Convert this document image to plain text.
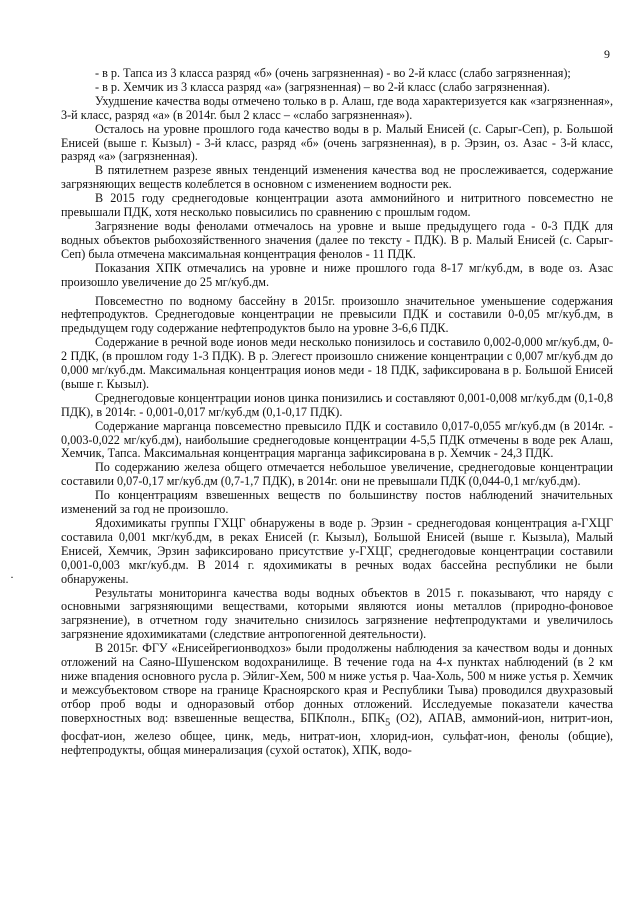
9
·

- в р. Тапса из 3 класса разряд «б» (очень загрязненная) - во 2-й класс (слабо загрязненная);

- в р. Хемчик из 3 класса разряд «а» (загрязненная) – во 2-й класс (слабо загрязненная).

Ухудшение качества воды отмечено только в р. Алаш, где вода характеризуется как «загрязненная», 3-й класс, разряд «а» (в 2014г. был 2 класс – «слабо загрязненная»).

Осталось на уровне прошлого года качество воды в р. Малый Енисей (с. Сарыг-Сеп), р. Большой Енисей (выше г. Кызыл) - 3-й класс, разряд «б» (очень загрязненная), в р. Эрзин, оз. Азас - 3-й класс, разряд «а» (загрязненная).

В пятилетнем разрезе явных тенденций изменения качества вод не прослеживается, содержание загрязняющих веществ колеблется в основном с изменением водности рек.

В 2015 году среднегодовые концентрации азота аммонийного и нитритного повсеместно не превышали ПДК, хотя несколько повысились по сравнению с прошлым годом.

Загрязнение воды фенолами отмечалось на уровне и выше предыдущего года - 0-3 ПДК для водных объектов рыбохозяйственного значения (далее по тексту - ПДК). В р. Малый Енисей (с. Сарыг-Сеп) была отмечена максимальная концентрация фенолов - 11 ПДК.

Показания ХПК отмечались на уровне и ниже прошлого года 8-17 мг/куб.дм, в воде оз. Азас произошло увеличение до 25 мг/куб.дм.

Повсеместно по водному бассейну в 2015г. произошло значительное уменьшение содержания нефтепродуктов. Среднегодовые концентрации не превысили ПДК и составили 0-0,05 мг/куб.дм, в предыдущем году содержание нефтепродуктов было на уровне 3-6,6 ПДК.

Содержание в речной воде ионов меди несколько понизилось и составило 0,002-0,000 мг/куб.дм, 0-2 ПДК, (в прошлом году 1-3 ПДК). В р. Элегест произошло снижение концентрации с 0,007 мг/куб.дм до 0,000 мг/куб.дм. Максимальная концентрация ионов меди - 18 ПДК, зафиксирована в р. Большой Енисей (выше г. Кызыл).

Среднегодовые концентрации ионов цинка понизились и составляют 0,001-0,008 мг/куб.дм (0,1-0,8 ПДК), в 2014г. - 0,001-0,017 мг/куб.дм (0,1-0,17 ПДК).

Содержание марганца повсеместно превысило ПДК и составило 0,017-0,055 мг/куб.дм (в 2014г. - 0,003-0,022 мг/куб.дм), наибольшие среднегодовые концентрации 4-5,5 ПДК отмечены в воде рек Алаш, Хемчик, Тапса. Максимальная концентрация марганца зафиксирована в р. Хемчик - 24,3 ПДК.

По содержанию железа общего отмечается небольшое увеличение, среднегодовые концентрации составили 0,07-0,17 мг/куб.дм (0,7-1,7 ПДК), в 2014г. они не превышали ПДК (0,044-0,1 мг/куб.дм).

По концентрациям взвешенных веществ по большинству постов наблюдений значительных изменений за год не произошло.

Ядохимикаты группы ГХЦГ обнаружены в воде р. Эрзин - среднегодовая концентрация а-ГХЦГ составила 0,001 мкг/куб.дм, в реках Енисей (г. Кызыл), Большой Енисей (выше г. Кызыла), Малый Енисей, Хемчик, Эрзин зафиксировано присутствие у-ГХЦГ, среднегодовые концентрации составили 0,001-0,003 мкг/куб.дм. В 2014 г. ядохимикаты в речных водах бассейна республики не были обнаружены.

Результаты мониторинга качества воды водных объектов в 2015 г. показывают, что наряду с основными загрязняющими веществами, которыми являются ионы металлов (природно-фоновое загрязнение), в отчетном году значительно снизилось загрязнение нефтепродуктами и увеличилось загрязнение ядохимикатами (следствие антропогенной деятельности).

В 2015г. ФГУ «Енисейрегионводхоз» были продолжены наблюдения за качеством воды и донных отложений на Саяно-Шушенском водохранилище. В течение года на 4-х пунктах наблюдений (в 2 км ниже впадения основного русла р. Эйлиг-Хем, 500 м ниже устья р. Чаа-Холь, 500 м ниже устья р. Хемчик и межсубъектовом створе на границе Красноярского края и Республики Тыва) проводился двухразовый отбор проб воды и одноразовый отбор донных отложений. Исследуемые показатели качества поверхностных вод: взвешенные вещества, БПКполн., $БПК_5$ (O2), АПАВ, аммоний-ион, нитрит-ион, фосфат-ион, железо общее, цинк, медь, нитрат-ион, хлорид-ион, сульфат-ион, фенолы (общие), нефтепродукты, общая минерализация (сухой остаток), ХПК, водо-
